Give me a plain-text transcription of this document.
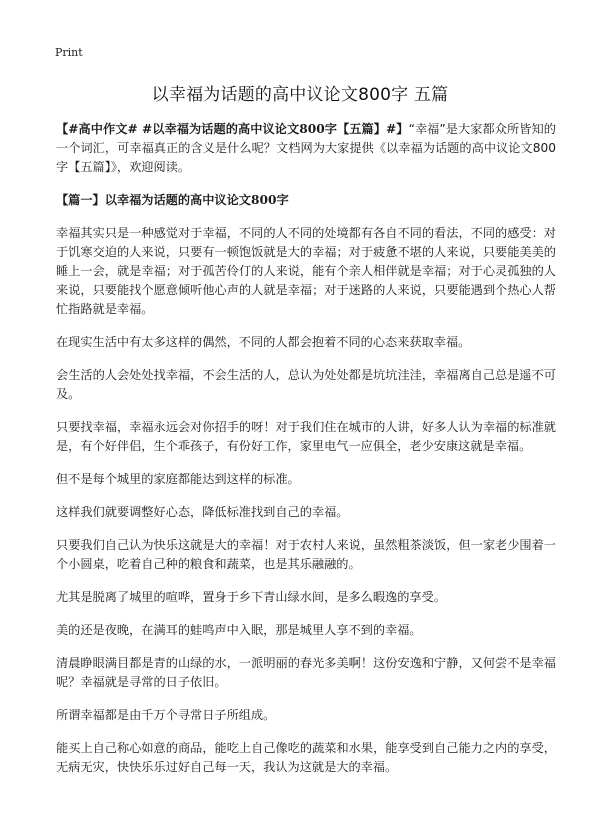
Print
以幸福为话题的高中议论文800字 五篇

【#高中作文# #以幸福为话题的高中议论文800字【五篇】#】“幸福”是大家都众所皆知的一个词汇，可幸福真正的含义是什么呢？文档网为大家提供《以幸福为话题的高中议论文800字【五篇】》，欢迎阅读。

【篇一】以幸福为话题的高中议论文800字

幸福其实只是一种感觉对于幸福，不同的人不同的处境都有各自不同的看法，不同的感受：对于饥寒交迫的人来说，只要有一顿饱饭就是大的幸福；对于疲惫不堪的人来说，只要能美美的睡上一会，就是幸福；对于孤苦伶仃的人来说，能有个亲人相伴就是幸福；对于心灵孤独的人来说，只要能找个愿意倾听他心声的人就是幸福；对于迷路的人来说，只要能遇到个热心人帮忙指路就是幸福。

在现实生活中有太多这样的偶然，不同的人都会抱着不同的心态来获取幸福。

会生活的人会处处找幸福，不会生活的人，总认为处处都是坑坑洼洼，幸福离自己总是遥不可及。

只要找幸福，幸福永远会对你招手的呀！对于我们住在城市的人讲，好多人认为幸福的标准就是，有个好伴侣，生个乖孩子，有份好工作，家里电气一应俱全，老少安康这就是幸福。

但不是每个城里的家庭都能达到这样的标准。

这样我们就要调整好心态，降低标准找到自己的幸福。

只要我们自己认为快乐这就是大的幸福！对于农村人来说，虽然粗茶淡饭，但一家老少围着一个小圆桌，吃着自己种的粮食和蔬菜，也是其乐融融的。

尤其是脱离了城里的喧哗，置身于乡下青山绿水间，是多么暇逸的享受。

美的还是夜晚，在满耳的蛙鸣声中入眠，那是城里人享不到的幸福。

清晨睁眼满目都是青的山绿的水，一派明丽的春光多美啊！这份安逸和宁静，又何尝不是幸福呢？幸福就是寻常的日子依旧。

所谓幸福都是由千万个寻常日子所组成。

能买上自己称心如意的商品，能吃上自己像吃的蔬菜和水果，能享受到自己能力之内的享受，无病无灾，快快乐乐过好自己每一天，我认为这就是大的幸福。
